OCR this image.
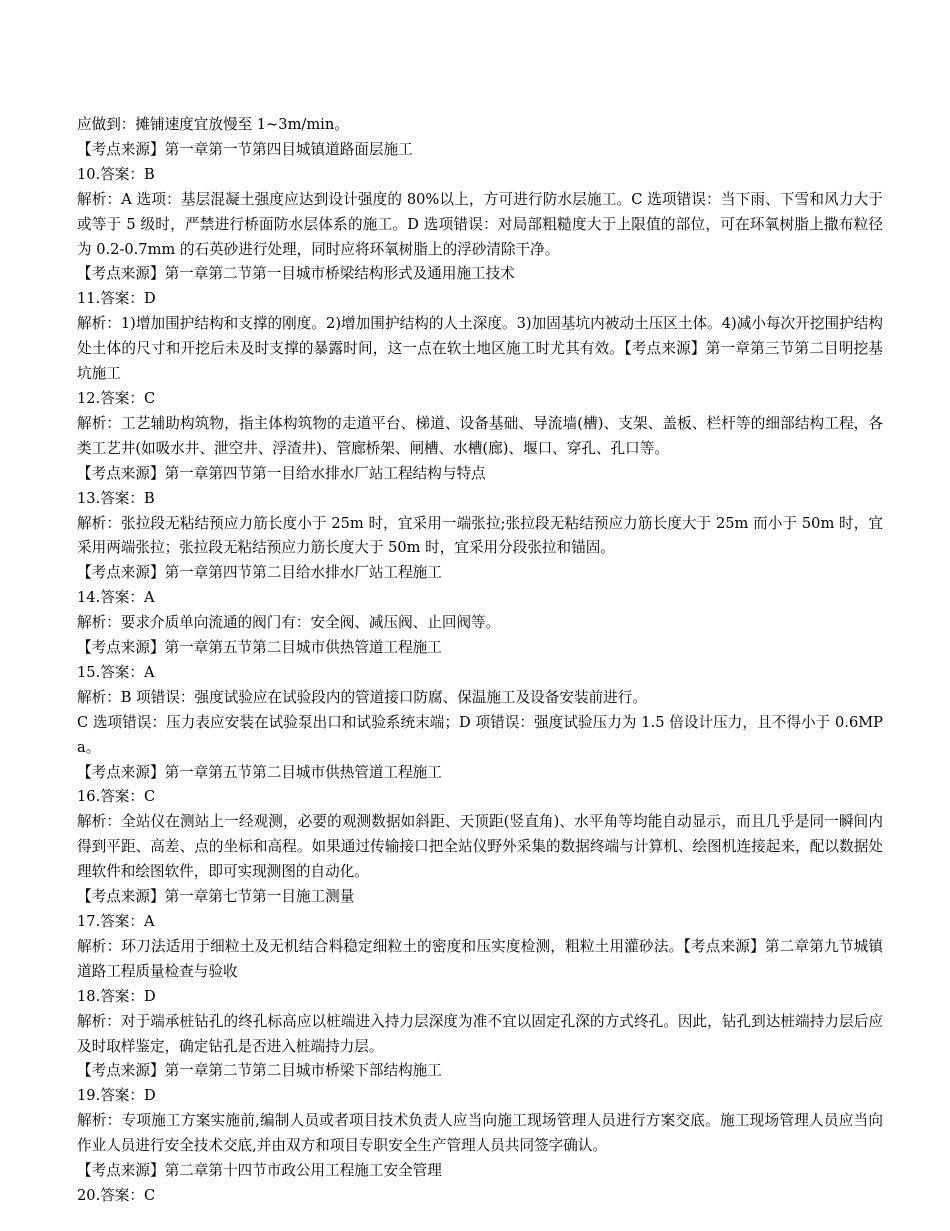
应做到：摊铺速度宜放慢至 1~3m/min。

【考点来源】第一章第一节第四目城镇道路面层施工

10.答案：B

解析：A 选项：基层混凝土强度应达到设计强度的 80%以上，方可进行防水层施工。C 选项错误：当下雨、下雪和风力大于或等于 5 级时，严禁进行桥面防水层体系的施工。D 选项错误：对局部粗糙度大于上限值的部位，可在环氧树脂上撒布粒径为 0.2-0.7mm 的石英砂进行处理，同时应将环氧树脂上的浮砂清除干净。

【考点来源】第一章第二节第一目城市桥梁结构形式及通用施工技术

11.答案：D

解析：1)增加围护结构和支撑的刚度。2)增加围护结构的人土深度。3)加固基坑内被动土压区土体。4)减小每次开挖围护结构处土体的尺寸和开挖后未及时支撑的暴露时间，这一点在软土地区施工时尤其有效。【考点来源】第一章第三节第二目明挖基坑施工

12.答案：C

解析：工艺辅助构筑物，指主体构筑物的走道平台、梯道、设备基础、导流墙(槽)、支架、盖板、栏杆等的细部结构工程，各类工艺井(如吸水井、泄空井、浮渣井)、管廊桥架、闸槽、水槽(廊)、堰口、穿孔、孔口等。

【考点来源】第一章第四节第一目给水排水厂站工程结构与特点

13.答案：B

解析：张拉段无粘结预应力筋长度小于 25m 时，宜采用一端张拉;张拉段无粘结预应力筋长度大于 25m 而小于 50m 时，宜采用两端张拉；张拉段无粘结预应力筋长度大于 50m 时，宜采用分段张拉和锚固。

【考点来源】第一章第四节第二目给水排水厂站工程施工

14.答案：A

解析：要求介质单向流通的阀门有：安全阀、减压阀、止回阀等。

【考点来源】第一章第五节第二目城市供热管道工程施工

15.答案：A

解析：B 项错误：强度试验应在试验段内的管道接口防腐、保温施工及设备安装前进行。

C 选项错误：压力表应安装在试验泵出口和试验系统末端；D 项错误：强度试验压力为 1.5 倍设计压力，且不得小于 0.6MPa。

【考点来源】第一章第五节第二目城市供热管道工程施工

16.答案：C

解析：全站仪在测站上一经观测，必要的观测数据如斜距、天顶距(竖直角)、水平角等均能自动显示，而且几乎是同一瞬间内得到平距、高差、点的坐标和高程。如果通过传输接口把全站仪野外采集的数据终端与计算机、绘图机连接起来，配以数据处理软件和绘图软件，即可实现测图的自动化。

【考点来源】第一章第七节第一目施工测量

17.答案：A

解析：环刀法适用于细粒土及无机结合料稳定细粒土的密度和压实度检测，粗粒土用灌砂法。【考点来源】第二章第九节城镇道路工程质量检查与验收

18.答案：D

解析：对于端承桩钻孔的终孔标高应以桩端进入持力层深度为准不宜以固定孔深的方式终孔。因此，钻孔到达桩端持力层后应及时取样鉴定，确定钻孔是否进入桩端持力层。

【考点来源】第一章第二节第二目城市桥梁下部结构施工

19.答案：D

解析：专项施工方案实施前,编制人员或者项目技术负责人应当向施工现场管理人员进行方案交底。施工现场管理人员应当向作业人员进行安全技术交底,并由双方和项目专职安全生产管理人员共同签字确认。

【考点来源】第二章第十四节市政公用工程施工安全管理

20.答案：C
